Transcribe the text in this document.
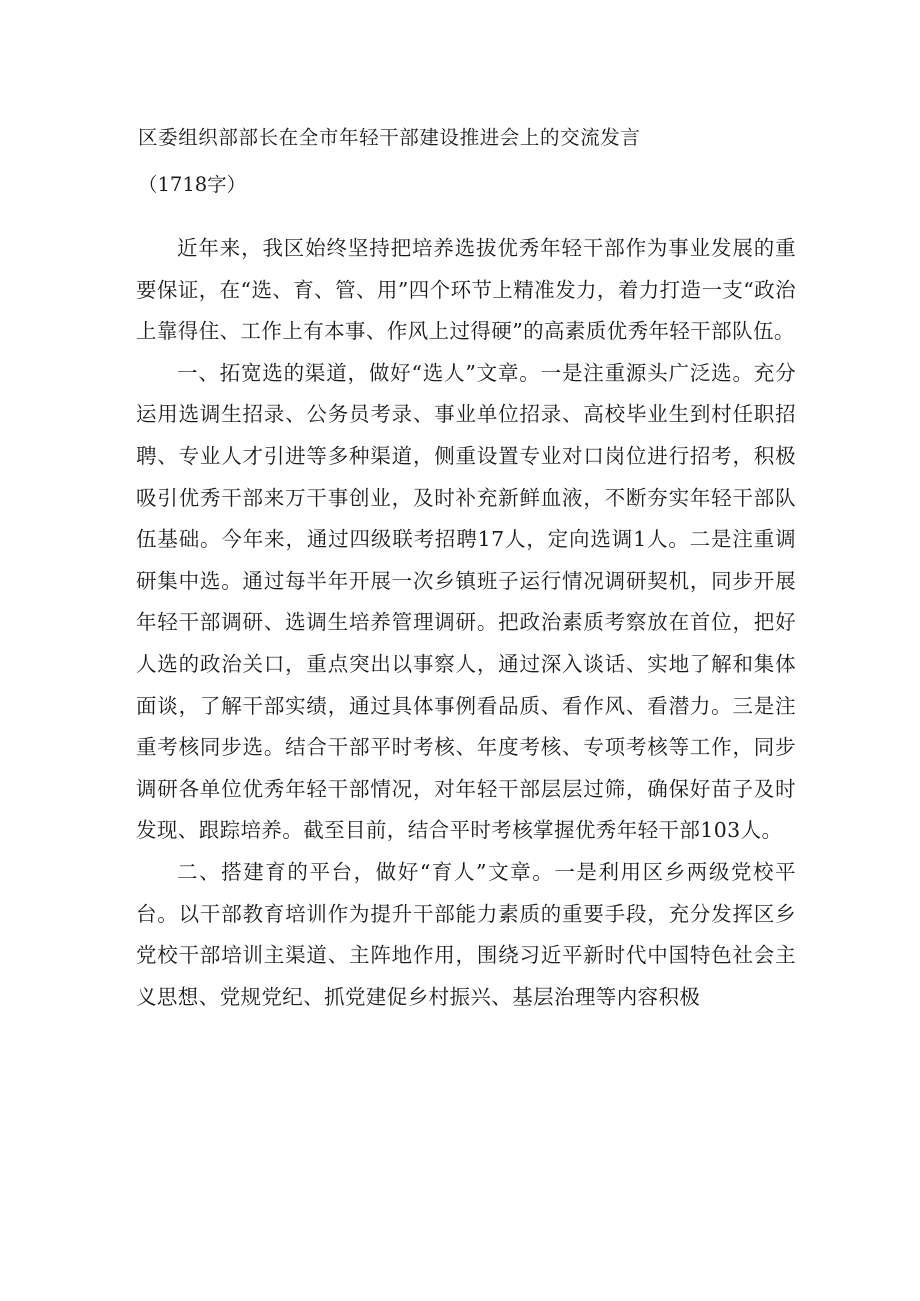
区委组织部部长在全市年轻干部建设推进会上的交流发言
（1718字）

近年来，我区始终坚持把培养选拔优秀年轻干部作为事业发展的重要保证，在“选、育、管、用”四个环节上精准发力，着力打造一支“政治上靠得住、工作上有本事、作风上过得硬”的高素质优秀年轻干部队伍。

一、拓宽选的渠道，做好“选人”文章。一是注重源头广泛选。充分运用选调生招录、公务员考录、事业单位招录、高校毕业生到村任职招聘、专业人才引进等多种渠道，侧重设置专业对口岗位进行招考，积极吸引优秀干部来万干事创业，及时补充新鲜血液，不断夯实年轻干部队伍基础。今年来，通过四级联考招聘17人，定向选调1人。二是注重调研集中选。通过每半年开展一次乡镇班子运行情况调研契机，同步开展年轻干部调研、选调生培养管理调研。把政治素质考察放在首位，把好人选的政治关口，重点突出以事察人，通过深入谈话、实地了解和集体面谈，了解干部实绩，通过具体事例看品质、看作风、看潜力。三是注重考核同步选。结合干部平时考核、年度考核、专项考核等工作，同步调研各单位优秀年轻干部情况，对年轻干部层层过筛，确保好苗子及时发现、跟踪培养。截至目前，结合平时考核掌握优秀年轻干部103人。

二、搭建育的平台，做好“育人”文章。一是利用区乡两级党校平台。以干部教育培训作为提升干部能力素质的重要手段，充分发挥区乡党校干部培训主渠道、主阵地作用，围绕习近平新时代中国特色社会主义思想、党规党纪、抓党建促乡村振兴、基层治理等内容积极
